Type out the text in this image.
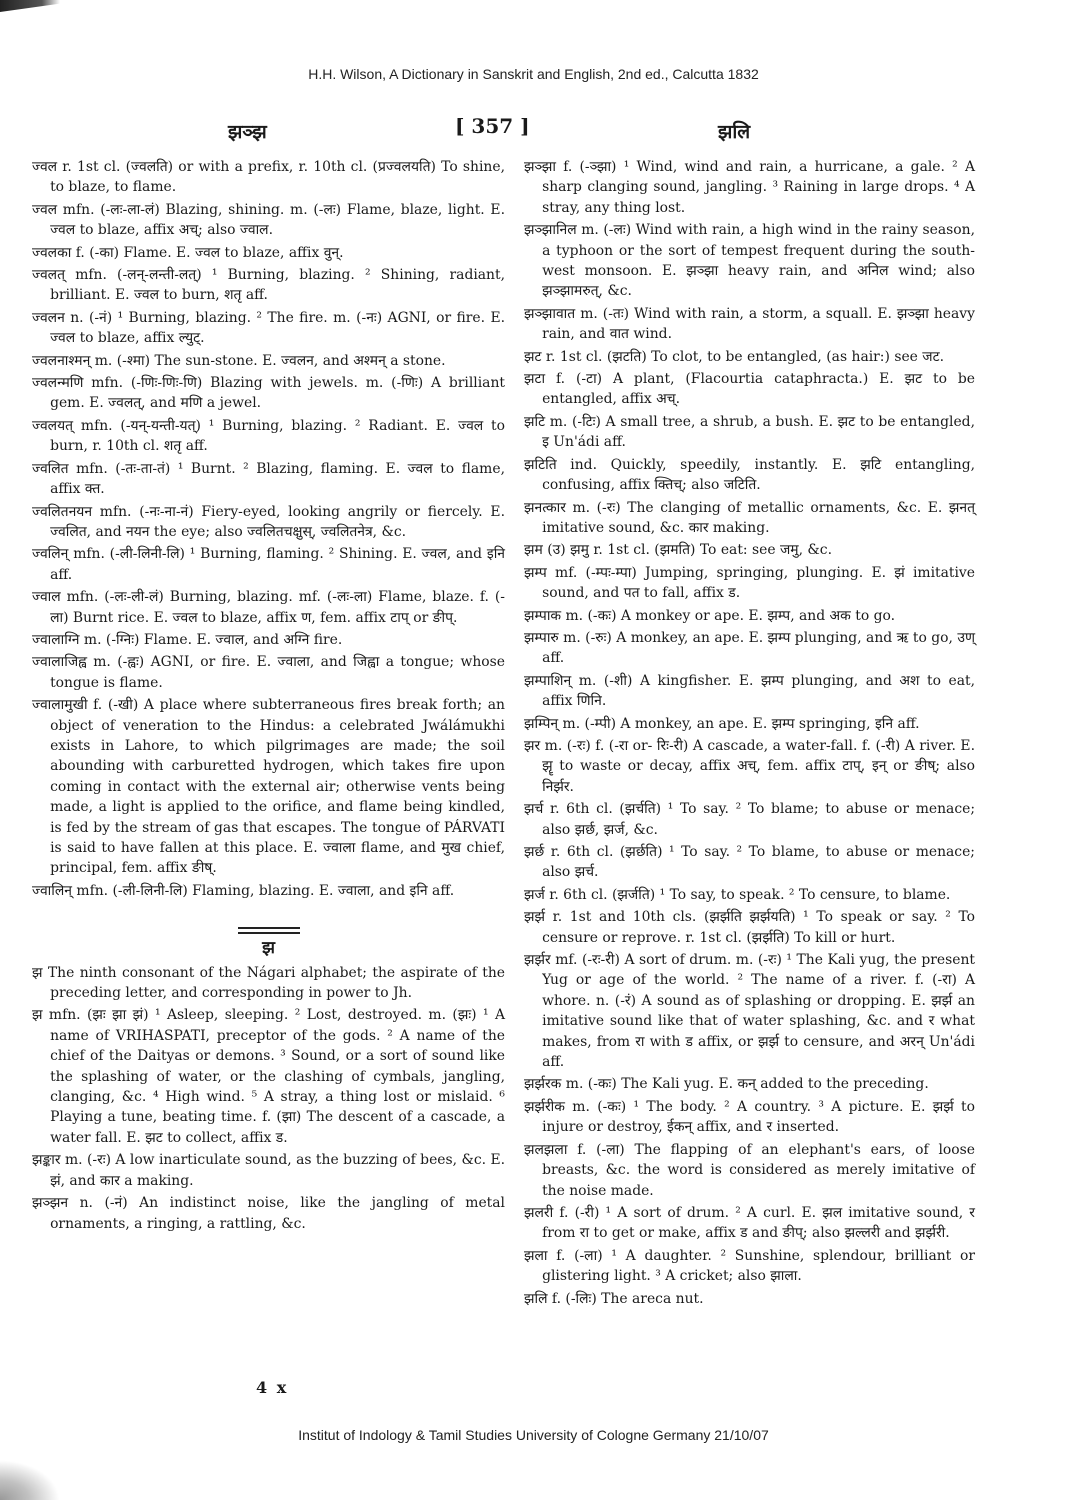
H.H. Wilson, A Dictionary in Sanskrit and English, 2nd ed., Calcutta 1832
झञ्झ	[ 357 ]	झलि

ज्वल r. 1st cl. (ज्वलति) or with a prefix, r. 10th cl. (प्रज्वलयति) To shine, to blaze, to flame.

ज्वल mfn. (-लः-ला-लं) Blazing, shining. m. (-लः) Flame, blaze, light. E. ज्वल to blaze, affix अच्; also ज्वाल.

ज्वलका f. (-का) Flame. E. ज्वल to blaze, affix वुन्.

ज्वलत् mfn. (-लन्-लन्ती-लत्) ¹ Burning, blazing. ² Shining, radiant, brilliant. E. ज्वल to burn, शतृ aff.

ज्वलन n. (-नं) ¹ Burning, blazing. ² The fire. m. (-नः) AGNI, or fire. E. ज्वल to blaze, affix ल्युट्.

ज्वलनाश्मन् m. (-श्मा) The sun-stone. E. ज्वलन, and अश्मन् a stone.

ज्वलन्मणि mfn. (-णिः-णिः-णि) Blazing with jewels. m. (-णिः) A brilliant gem. E. ज्वलत्, and मणि a jewel.

ज्वलयत् mfn. (-यन्-यन्ती-यत्) ¹ Burning, blazing. ² Radiant. E. ज्वल to burn, r. 10th cl. शतृ aff.

ज्वलित mfn. (-तः-ता-तं) ¹ Burnt. ² Blazing, flaming. E. ज्वल to flame, affix क्त.

ज्वलितनयन mfn. (-नः-ना-नं) Fiery-eyed, looking angrily or fiercely. E. ज्वलित, and नयन the eye; also ज्वलितचक्षुस्, ज्वलितनेत्र, &c.

ज्वलिन् mfn. (-ली-लिनी-लि) ¹ Burning, flaming. ² Shining. E. ज्वल, and इनि aff.

ज्वाल mfn. (-लः-ली-लं) Burning, blazing. mf. (-लः-ला) Flame, blaze. f. (-ला) Burnt rice. E. ज्वल to blaze, affix ण, fem. affix टाप् or ङीप्.

ज्वालाग्नि m. (-ग्निः) Flame. E. ज्वाल, and अग्नि fire.

ज्वालाजिह्व m. (-ह्वः) AGNI, or fire. E. ज्वाला, and जिह्वा a tongue; whose tongue is flame.

ज्वालामुखी f. (-खी) A place where subterraneous fires break forth; an object of veneration to the Hindus: a celebrated Jwálámukhi exists in Lahore, to which pilgrimages are made; the soil abounding with carburetted hydrogen, which takes fire upon coming in contact with the external air; otherwise vents being made, a light is applied to the orifice, and flame being kindled, is fed by the stream of gas that escapes. The tongue of PÁRVATI is said to have fallen at this place. E. ज्वाला flame, and मुख chief, principal, fem. affix ङीष्.

ज्वालिन् mfn. (-ली-लिनी-लि) Flaming, blazing. E. ज्वाला, and इनि aff.

झ

झ The ninth consonant of the Nágari alphabet; the aspirate of the preceding letter, and corresponding in power to Jh.

झ mfn. (झः झा झं) ¹ Asleep, sleeping. ² Lost, destroyed. m. (झः) ¹ A name of VRIHASPATI, preceptor of the gods. ² A name of the chief of the Daityas or demons. ³ Sound, or a sort of sound like the splashing of water, or the clashing of cymbals, jangling, clanging, &c. ⁴ High wind. ⁵ A stray, a thing lost or mislaid. ⁶ Playing a tune, beating time. f. (झा) The descent of a cascade, a water fall. E. झट to collect, affix ड.

झङ्कार m. (-रः) A low inarticulate sound, as the buzzing of bees, &c. E. झं, and कार a making.

झञ्झन n. (-नं) An indistinct noise, like the jangling of metal ornaments, a ringing, a rattling, &c.

झञ्झा f. (-ञ्झा) ¹ Wind, wind and rain, a hurricane, a gale. ² A sharp clanging sound, jangling. ³ Raining in large drops. ⁴ A stray, any thing lost.

झञ्झानिल m. (-लः) Wind with rain, a high wind in the rainy season, a typhoon or the sort of tempest frequent during the south-west monsoon. E. झञ्झा heavy rain, and अनिल wind; also झञ्झामरुत्, &c.

झञ्झावात m. (-तः) Wind with rain, a storm, a squall. E. झञ्झा heavy rain, and वात wind.

झट r. 1st cl. (झटति) To clot, to be entangled, (as hair:) see जट.

झटा f. (-टा) A plant, (Flacourtia cataphracta.) E. झट to be entangled, affix अच्.

झटि m. (-टिः) A small tree, a shrub, a bush. E. झट to be entangled, इ Un'ádi aff.

झटिति ind. Quickly, speedily, instantly. E. झटि entangling, confusing, affix क्तिच्; also जटिति.

झनत्कार m. (-रः) The clanging of metallic ornaments, &c. E. झनत् imitative sound, &c. कार making.

झम (उ) झमु r. 1st cl. (झमति) To eat: see जमु, &c.

झम्प mf. (-म्पः-म्पा) Jumping, springing, plunging. E. झं imitative sound, and पत to fall, affix ड.

झम्पाक m. (-कः) A monkey or ape. E. झम्प, and अक to go.

झम्पारु m. (-रुः) A monkey, an ape. E. झम्प plunging, and ऋ to go, उण् aff.

झम्पाशिन् m. (-शी) A kingfisher. E. झम्प plunging, and अश to eat, affix णिनि.

झम्पिन् m. (-म्पी) A monkey, an ape. E. झम्प springing, इनि aff.

झर m. (-रः) f. (-रा or- रिः-री) A cascade, a water-fall. f. (-री) A river. E. झॄ to waste or decay, affix अच्, fem. affix टाप्, इन् or ङीष्; also निर्झर.

झर्च r. 6th cl. (झर्चति) ¹ To say. ² To blame; to abuse or menace; also झर्छ, झर्ज, &c.

झर्छ r. 6th cl. (झर्छति) ¹ To say. ² To blame, to abuse or menace; also झर्च.

झर्ज r. 6th cl. (झर्जति) ¹ To say, to speak. ² To censure, to blame.

झर्झ r. 1st and 10th cls. (झर्झति झर्झयति) ¹ To speak or say. ² To censure or reprove. r. 1st cl. (झर्झति) To kill or hurt.

झर्झर mf. (-रः-री) A sort of drum. m. (-रः) ¹ The Kali yug, the present Yug or age of the world. ² The name of a river. f. (-रा) A whore. n. (-रं) A sound as of splashing or dropping. E. झर्झ an imitative sound like that of water splashing, &c. and र what makes, from रा with ड affix, or झर्झ to censure, and अरन् Un'ádi aff.

झर्झरक m. (-कः) The Kali yug. E. कन् added to the preceding.

झर्झरीक m. (-कः) ¹ The body. ² A country. ³ A picture. E. झर्झ to injure or destroy, ईकन् affix, and र inserted.

झलझला f. (-ला) The flapping of an elephant's ears, of loose breasts, &c. the word is considered as merely imitative of the noise made.

झलरी f. (-री) ¹ A sort of drum. ² A curl. E. झल imitative sound, र from रा to get or make, affix ड and ङीप्; also झल्लरी and झर्झरी.

झला f. (-ला) ¹ A daughter. ² Sunshine, splendour, brilliant or glistering light. ³ A cricket; also झाला.

झलि f. (-लिः) The areca nut.

4 x
Institut of Indology & Tamil Studies University of Cologne Germany 21/10/07
